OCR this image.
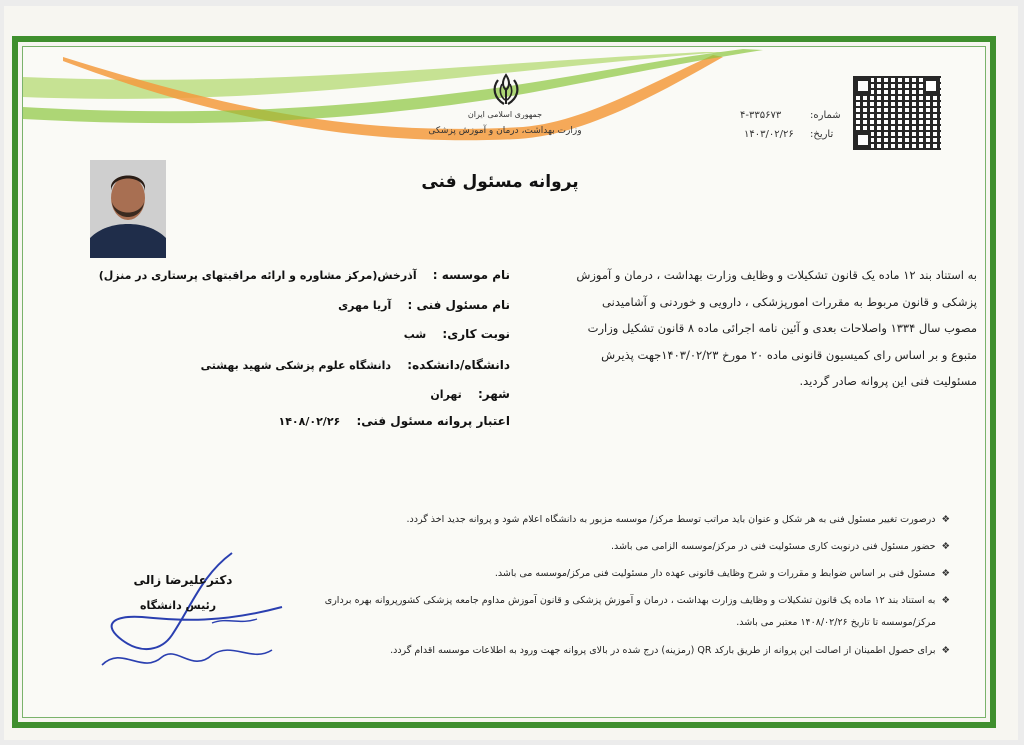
جمهوری اسلامی ایران
وزارت بهداشت، درمان و آموزش پزشکی
شماره:
۴-۳۳۵۶۷۳
تاریخ:
۱۴۰۳/۰۲/۲۶
پروانه مسئول فنی
نام موسسه : آذرخش(مرکز مشاوره و ارائه مراقبتهای پرستاری در منزل)
نام مسئول فنی : آریا مهری
نوبت کاری: شب
دانشگاه/دانشکده: دانشگاه علوم پزشکی شهید بهشتی
شهر: تهران
اعتبار پروانه مسئول فنی: ۱۴۰۸/۰۲/۲۶
به استناد بند ۱۲ ماده یک قانون تشکیلات و وظایف وزارت بهداشت ، درمان و آموزش
پزشکی و قانون مربوط به مقررات امورپزشکی ، دارویی و خوردنی و آشامیدنی
مصوب سال ۱۳۳۴ واصلاحات بعدی و آئین نامه اجرائی ماده ۸ قانون تشکیل وزارت
متبوع و بر اساس رای کمیسیون قانونی ماده ۲۰ مورخ ۱۴۰۳/۰۲/۲۳جهت پذیرش
مسئولیت فنی این پروانه صادر گردید.
❖درصورت تغییر مسئول فنی به هر شکل و عنوان باید مراتب توسط مرکز/ موسسه مزبور به دانشگاه اعلام شود و پروانه جدید اخذ گردد.
❖حضور مسئول فنی درنوبت کاری مسئولیت فنی در مرکز/موسسه الزامی می باشد.
❖مسئول فنی بر اساس ضوابط و مقررات و شرح وظایف قانونی عهده دار مسئولیت فنی مرکز/موسسه می باشد.
❖به استناد بند ۱۲ ماده یک قانون تشکیلات و وظایف وزارت بهداشت ، درمان و آموزش پزشکی و قانون آموزش مداوم جامعه پزشکی کشورپروانه بهره برداری
مرکز/موسسه تا تاریخ ۱۴۰۸/۰۲/۲۶ معتبر می باشد.
❖برای حصول اطمینان از اصالت این پروانه از طریق بارکد QR (رمزینه) درج شده در بالای پروانه جهت ورود به اطلاعات موسسه اقدام گردد.
دکترعلیرضا زالی
رئیس دانشگاه
